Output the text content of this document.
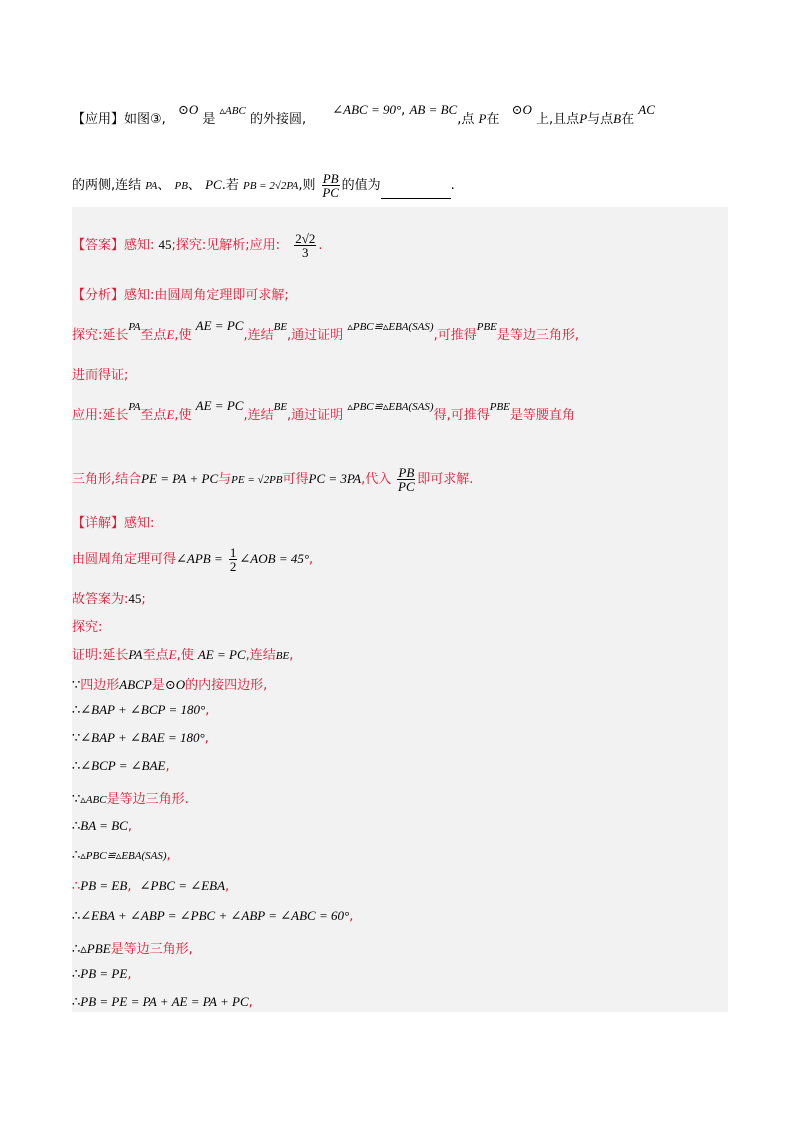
【应用】如图③, ⊙O 是 $^{▵ABC}$ 的外接圆, ∠ABC = 90°, AB = BC,点 P在 ⊙O 上,且点P与点B在 AC
的两侧,连结 PA、 PB、 PC.若 PB = 2√2PA,则 $\frac{PB}{PC}$ 的值为	.
【答案】感知: 45;探究:见解析;应用: $\frac{2√2}{3}$ .
【分析】感知:由圆周角定理即可求解;
探究:延长$^{PA}$至点E,使 AE = PC,连结$^{BE}$,通过证明 $^{▵PBC≌▵EBA(SAS)}$,可推得$^{PBE}$是等边三角形,
进而得证;
应用:延长$^{PA}$至点E,使 AE = PC,连结$^{BE}$,通过证明 $^{▵PBC≌▵EBA(SAS)}$得,可推得$^{PBE}$是等腰直角
三角形,结合PE = PA + PC与PE = √2PB可得PC = 3PA,代入 $\frac{PB}{PC}$ 即可求解.
【详解】感知:
由圆周角定理可得∠APB = $\frac{1}{2}$ ∠AOB = 45°,
故答案为:45;
探究:
证明:延长PA至点E,使 AE = PC,连结BE,
∵四边形ABCP是⊙O的内接四边形,
∴∠BAP + ∠BCP = 180°,
∵∠BAP + ∠BAE = 180°,
∴∠BCP = ∠BAE,
∵▵ABC是等边三角形.
∴BA = BC,
∴▵PBC≌▵EBA(SAS),
∴PB = EB, ∠PBC = ∠EBA,
∴∠EBA + ∠ABP = ∠PBC + ∠ABP = ∠ABC = 60°,
∴▵PBE是等边三角形,
∴PB = PE,
∴PB = PE = PA + AE = PA + PC,
